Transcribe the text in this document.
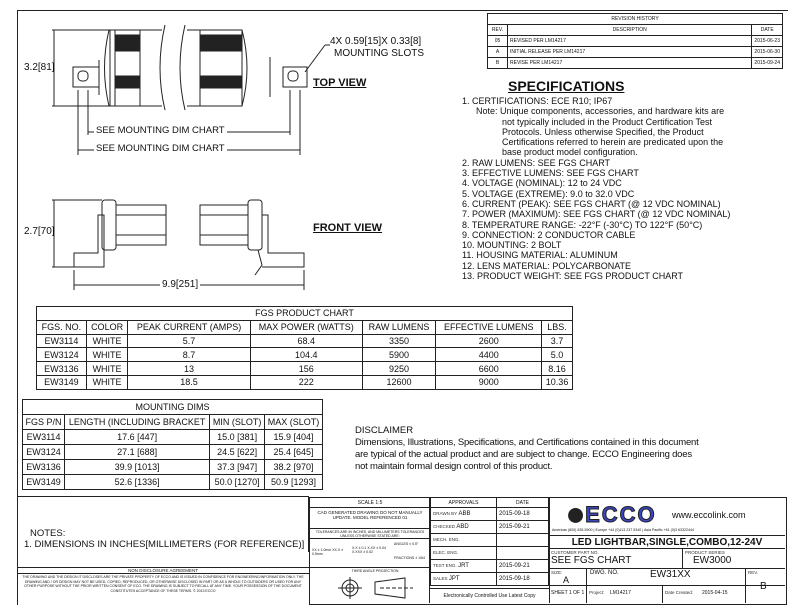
REVISION HISTORY		
REV.	DESCRIPTION	DATE
05	REVISED PER LM14217	2015-06-23
A	INITIAL RELEASE PER LM14217	2015-06-30
B	REVISE PER LM14217	2015-09-24
3.2[81]
4X 0.59[15]X 0.33[8]
MOUNTING SLOTS
TOP VIEW
SEE MOUNTING DIM CHART
SEE MOUNTING DIM CHART
2.7[70]	FRONT VIEW
9.9[251]
SPECIFICATIONS
1. CERTIFICATIONS: ECE R10; IP67
Note: Unique components, accessories, and hardware kits are
not typically included in the Product Certification Test
Protocols. Unless otherwise Specified, the Product
Certifications referred to herein are predicated upon the
base product model configuration.
2. RAW LUMENS: SEE FGS CHART
3. EFFECTIVE LUMENS: SEE FGS CHART
4. VOLTAGE (NOMINAL): 12 to 24 VDC
5. VOLTAGE (EXTREME): 9.0 to 32.0 VDC
6. CURRENT (PEAK): SEE FGS CHART (@ 12 VDC NOMINAL)
7. POWER (MAXIMUM): SEE FGS CHART (@ 12 VDC NOMINAL)
8. TEMPERATURE RANGE: -22°F (-30°C) TO 122°F (50°C)
9. CONNECTION: 2 CONDUCTOR CABLE
10. MOUNTING: 2 BOLT
11. HOUSING MATERIAL: ALUMINUM
12. LENS MATERIAL: POLYCARBONATE
13. PRODUCT WEIGHT: SEE FGS PRODUCT CHART
FGS PRODUCT CHART						
FGS. NO.	COLOR	PEAK CURRENT (AMPS)	MAX POWER (WATTS)	RAW LUMENS	EFFECTIVE LUMENS	LBS.
EW3114	WHITE	5.7	68.4	3350	2600	3.7
EW3124	WHITE	8.7	104.4	5900	4400	5.0
EW3136	WHITE	13	156	9250	6600	8.16
EW3149	WHITE	18.5	222	12600	9000	10.36
MOUNTING DIMS			
FGS P/N	LENGTH (INCLUDING BRACKET	MIN (SLOT)	MAX (SLOT)
EW3114	17.6 [447]	15.0 [381]	15.9 [404]
EW3124	27.1 [688]	24.5 [622]	25.4 [645]
EW3136	39.9 [1013]	37.3 [947]	38.2 [970]
EW3149	52.6 [1336]	50.0 [1270]	50.9 [1293]
DISCLAIMER
Dimensions, Illustrations, Specifications, and Certifications contained in this document
are typical of the actual product and are subject to change. ECCO Engineering does
not maintain formal design control of this product.
NOTES:
1. DIMENSIONS IN INCHES[MILLIMETERS (FOR REFERENCE)]
NON DISCLOSURE AGREEMENT
THE DRAWING AND THE DESIGN IT DISCLOSES ARE THE PRIVATE PROPERTY OF ECCO AND IS ISSUED IN CONFIDENCE FOR ENGINEERING/INFORMATION ONLY. THE DRAWING AND / OR DESIGN MAY NOT BE USED, COPIED, REPRODUCED, OR OTHERWISE DISCLOSED IN PART OR AS A WHOLE TO OUTSIDERS OR USED FOR ANY OTHER PURPOSE WITHOUT THE PRIOR WRITTEN CONSENT OF ECO. THE DRAWING IS SUBJECT TO RECALL AT ANY TIME. YOUR POSSESSION OF THE DOCUMENT CONSTITUTES ACCEPTANCE OF THESE TERMS. © 2013 ECCO
SCALE 1:5
CAD GENERATED DRAWING DO NOT MANUALLY UPDATE. MODEL REFERENCED 01
TOLERANCES ARE IN INCHES, AND MILLIMETERS TOLERANCES UNLESS OTHERWISE STATED ARE:
XX ± 1.0mm XX.X ± 0.5mm
X.X ± 0.1 X.XX ± 0.04 X.XXX ± 0.02
ANGLES ± 0.5°
FRACTIONS ± 1/64
THIRD ANGLE PROJECTION
APPROVALS	DATE
DRAWN BY ABB	2015-09-18
CHECKED ABD	2015-09-21
MECH. ENG.	
ELEC. ENG.	
TEST ENG. JRT	2015-09-21
SALES JPT	2015-09-18
Electronically Controlled Use Latest Copy
✺ECCO www.eccolink.com
Americas (800) 635-5900 | Europe +44 (0)113 237 5340 | Asia Pacific +61 (0)3 63322444
LED LIGHTBAR,SINGLE,COMBO,12-24V
CUSTOMER PART NO.
SEE FGS CHART
PRODUCT SERIES
EW3000
SIZE:
A
DWG. NO.	EW31XX	REV.
B
SHEET 1 OF 1 Project: LM14217	Date Created: 2015-04-15
